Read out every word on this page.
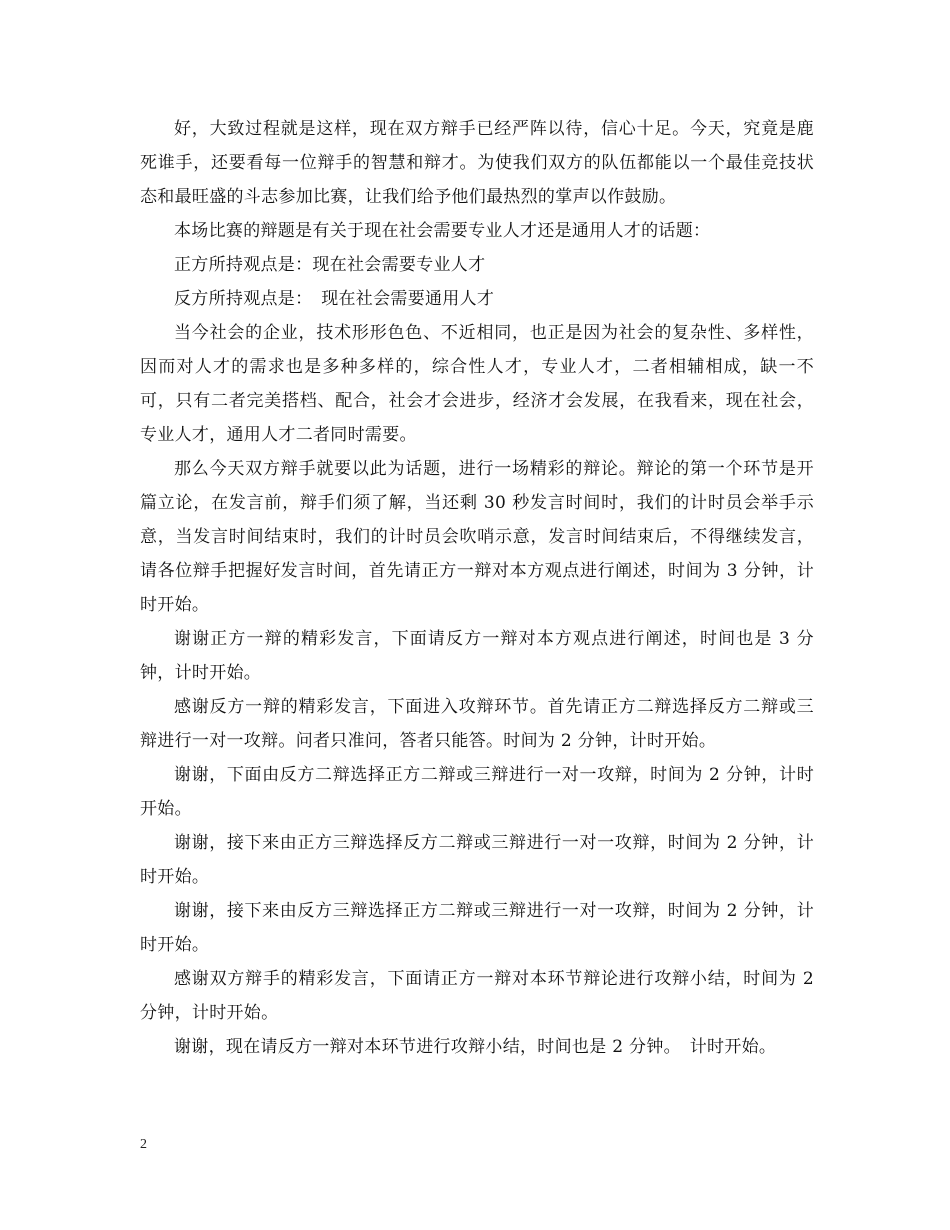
好，大致过程就是这样，现在双方辩手已经严阵以待，信心十足。今天，究竟是鹿死谁手，还要看每一位辩手的智慧和辩才。为使我们双方的队伍都能以一个最佳竞技状态和最旺盛的斗志参加比赛，让我们给予他们最热烈的掌声以作鼓励。

本场比赛的辩题是有关于现在社会需要专业人才还是通用人才的话题：

正方所持观点是：现在社会需要专业人才

反方所持观点是：　现在社会需要通用人才

当今社会的企业，技术形形色色、不近相同，也正是因为社会的复杂性、多样性，因而对人才的需求也是多种多样的，综合性人才，专业人才，二者相辅相成，缺一不可，只有二者完美搭档、配合，社会才会进步，经济才会发展，在我看来，现在社会，专业人才，通用人才二者同时需要。

那么今天双方辩手就要以此为话题，进行一场精彩的辩论。辩论的第一个环节是开篇立论，在发言前，辩手们须了解，当还剩 30 秒发言时间时，我们的计时员会举手示意，当发言时间结束时，我们的计时员会吹哨示意，发言时间结束后，不得继续发言，请各位辩手把握好发言时间，首先请正方一辩对本方观点进行阐述，时间为 3 分钟，计时开始。

谢谢正方一辩的精彩发言，下面请反方一辩对本方观点进行阐述，时间也是 3 分钟，计时开始。

感谢反方一辩的精彩发言，下面进入攻辩环节。首先请正方二辩选择反方二辩或三辩进行一对一攻辩。问者只准问，答者只能答。时间为 2 分钟，计时开始。

谢谢，下面由反方二辩选择正方二辩或三辩进行一对一攻辩，时间为 2 分钟，计时开始。

谢谢，接下来由正方三辩选择反方二辩或三辩进行一对一攻辩，时间为 2 分钟，计时开始。

谢谢，接下来由反方三辩选择正方二辩或三辩进行一对一攻辩，时间为 2 分钟，计时开始。

感谢双方辩手的精彩发言，下面请正方一辩对本环节辩论进行攻辩小结，时间为 2 分钟，计时开始。

谢谢，现在请反方一辩对本环节进行攻辩小结，时间也是 2 分钟。　计时开始。

2
